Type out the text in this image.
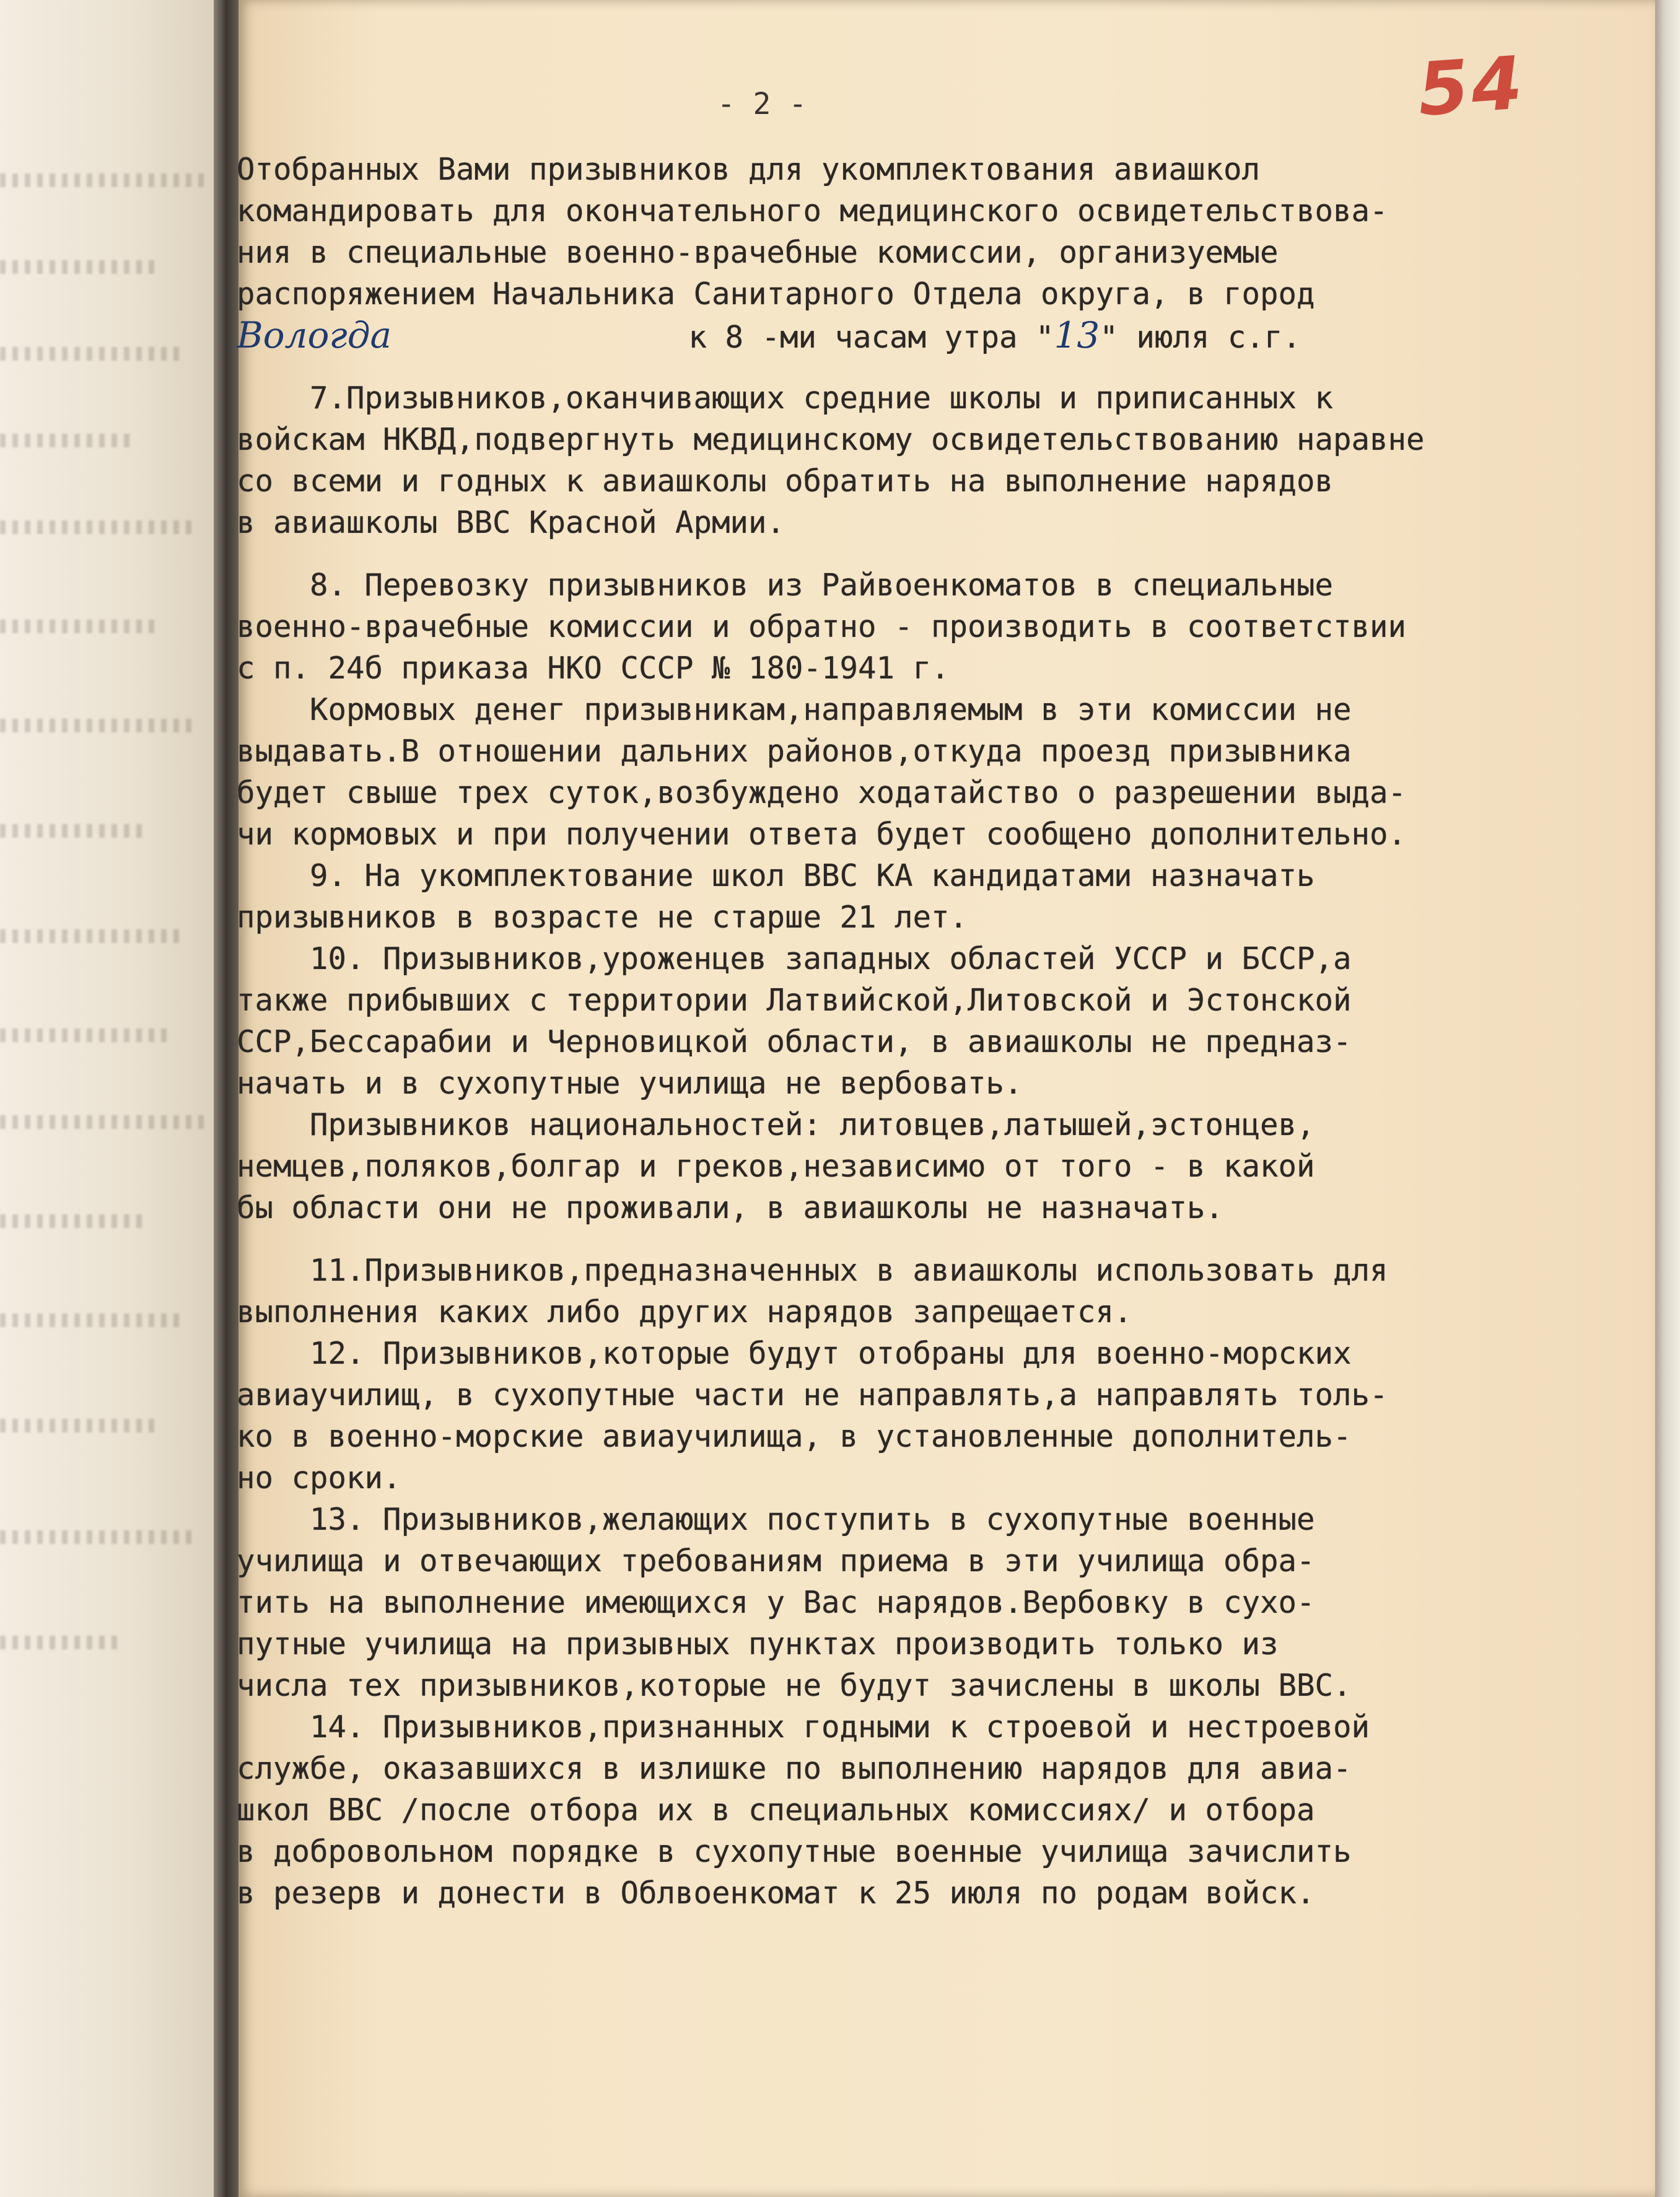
- 2 -	54
Отобранных Вами призывников для укомплектования авиашкол
командировать для окончательного медицинского освидетельствова-
ния в специальные военно-врачебные комиссии, организуемые
распоряжением Начальника Санитарного Отдела округа, в город
Вологда	к 8 -ми часам утра "13" июля с.г.
7.Призывников,оканчивающих средние школы и приписанных к
войскам НКВД,подвергнуть медицинскому освидетельствованию наравне
со всеми и годных к авиашколы обратить на выполнение нарядов
в авиашколы ВВС Красной Армии.
8. Перевозку призывников из Райвоенкоматов в специальные
военно-врачебные комиссии и обратно - производить в соответствии
с п. 24б приказа НКО СССР № 180-1941 г.
Кормовых денег призывникам,направляемым в эти комиссии не
выдавать.В отношении дальних районов,откуда проезд призывника
будет свыше трех суток,возбуждено ходатайство о разрешении выда-
чи кормовых и при получении ответа будет сообщено дополнительно.
9. На укомплектование школ ВВС КА кандидатами назначать
призывников в возрасте не старше 21 лет.
10. Призывников,уроженцев западных областей УССР и БССР,а
также прибывших с территории Латвийской,Литовской и Эстонской
ССР,Бессарабии и Черновицкой области, в авиашколы не предназ-
начать и в сухопутные училища не вербовать.
Призывников национальностей: литовцев,латышей,эстонцев,
немцев,поляков,болгар и греков,независимо от того - в какой
бы области они не проживали, в авиашколы не назначать.
11.Призывников,предназначенных в авиашколы использовать для
выполнения каких либо других нарядов запрещается.
12. Призывников,которые будут отобраны для военно-морских
авиаучилищ, в сухопутные части не направлять,а направлять толь-
ко в военно-морские авиаучилища, в установленные дополнитель-
но сроки.
13. Призывников,желающих поступить в сухопутные военные
училища и отвечающих требованиям приема в эти училища обра-
тить на выполнение имеющихся у Вас нарядов.Вербовку в сухо-
путные училища на призывных пунктах производить только из
числа тех призывников,которые не будут зачислены в школы ВВС.
14. Призывников,признанных годными к строевой и нестроевой
службе, оказавшихся в излишке по выполнению нарядов для авиа-
школ ВВС /после отбора их в специальных комиссиях/ и отбора
в добровольном порядке в сухопутные военные училища зачислить
в резерв и донести в Облвоенкомат к 25 июля по родам войск.
